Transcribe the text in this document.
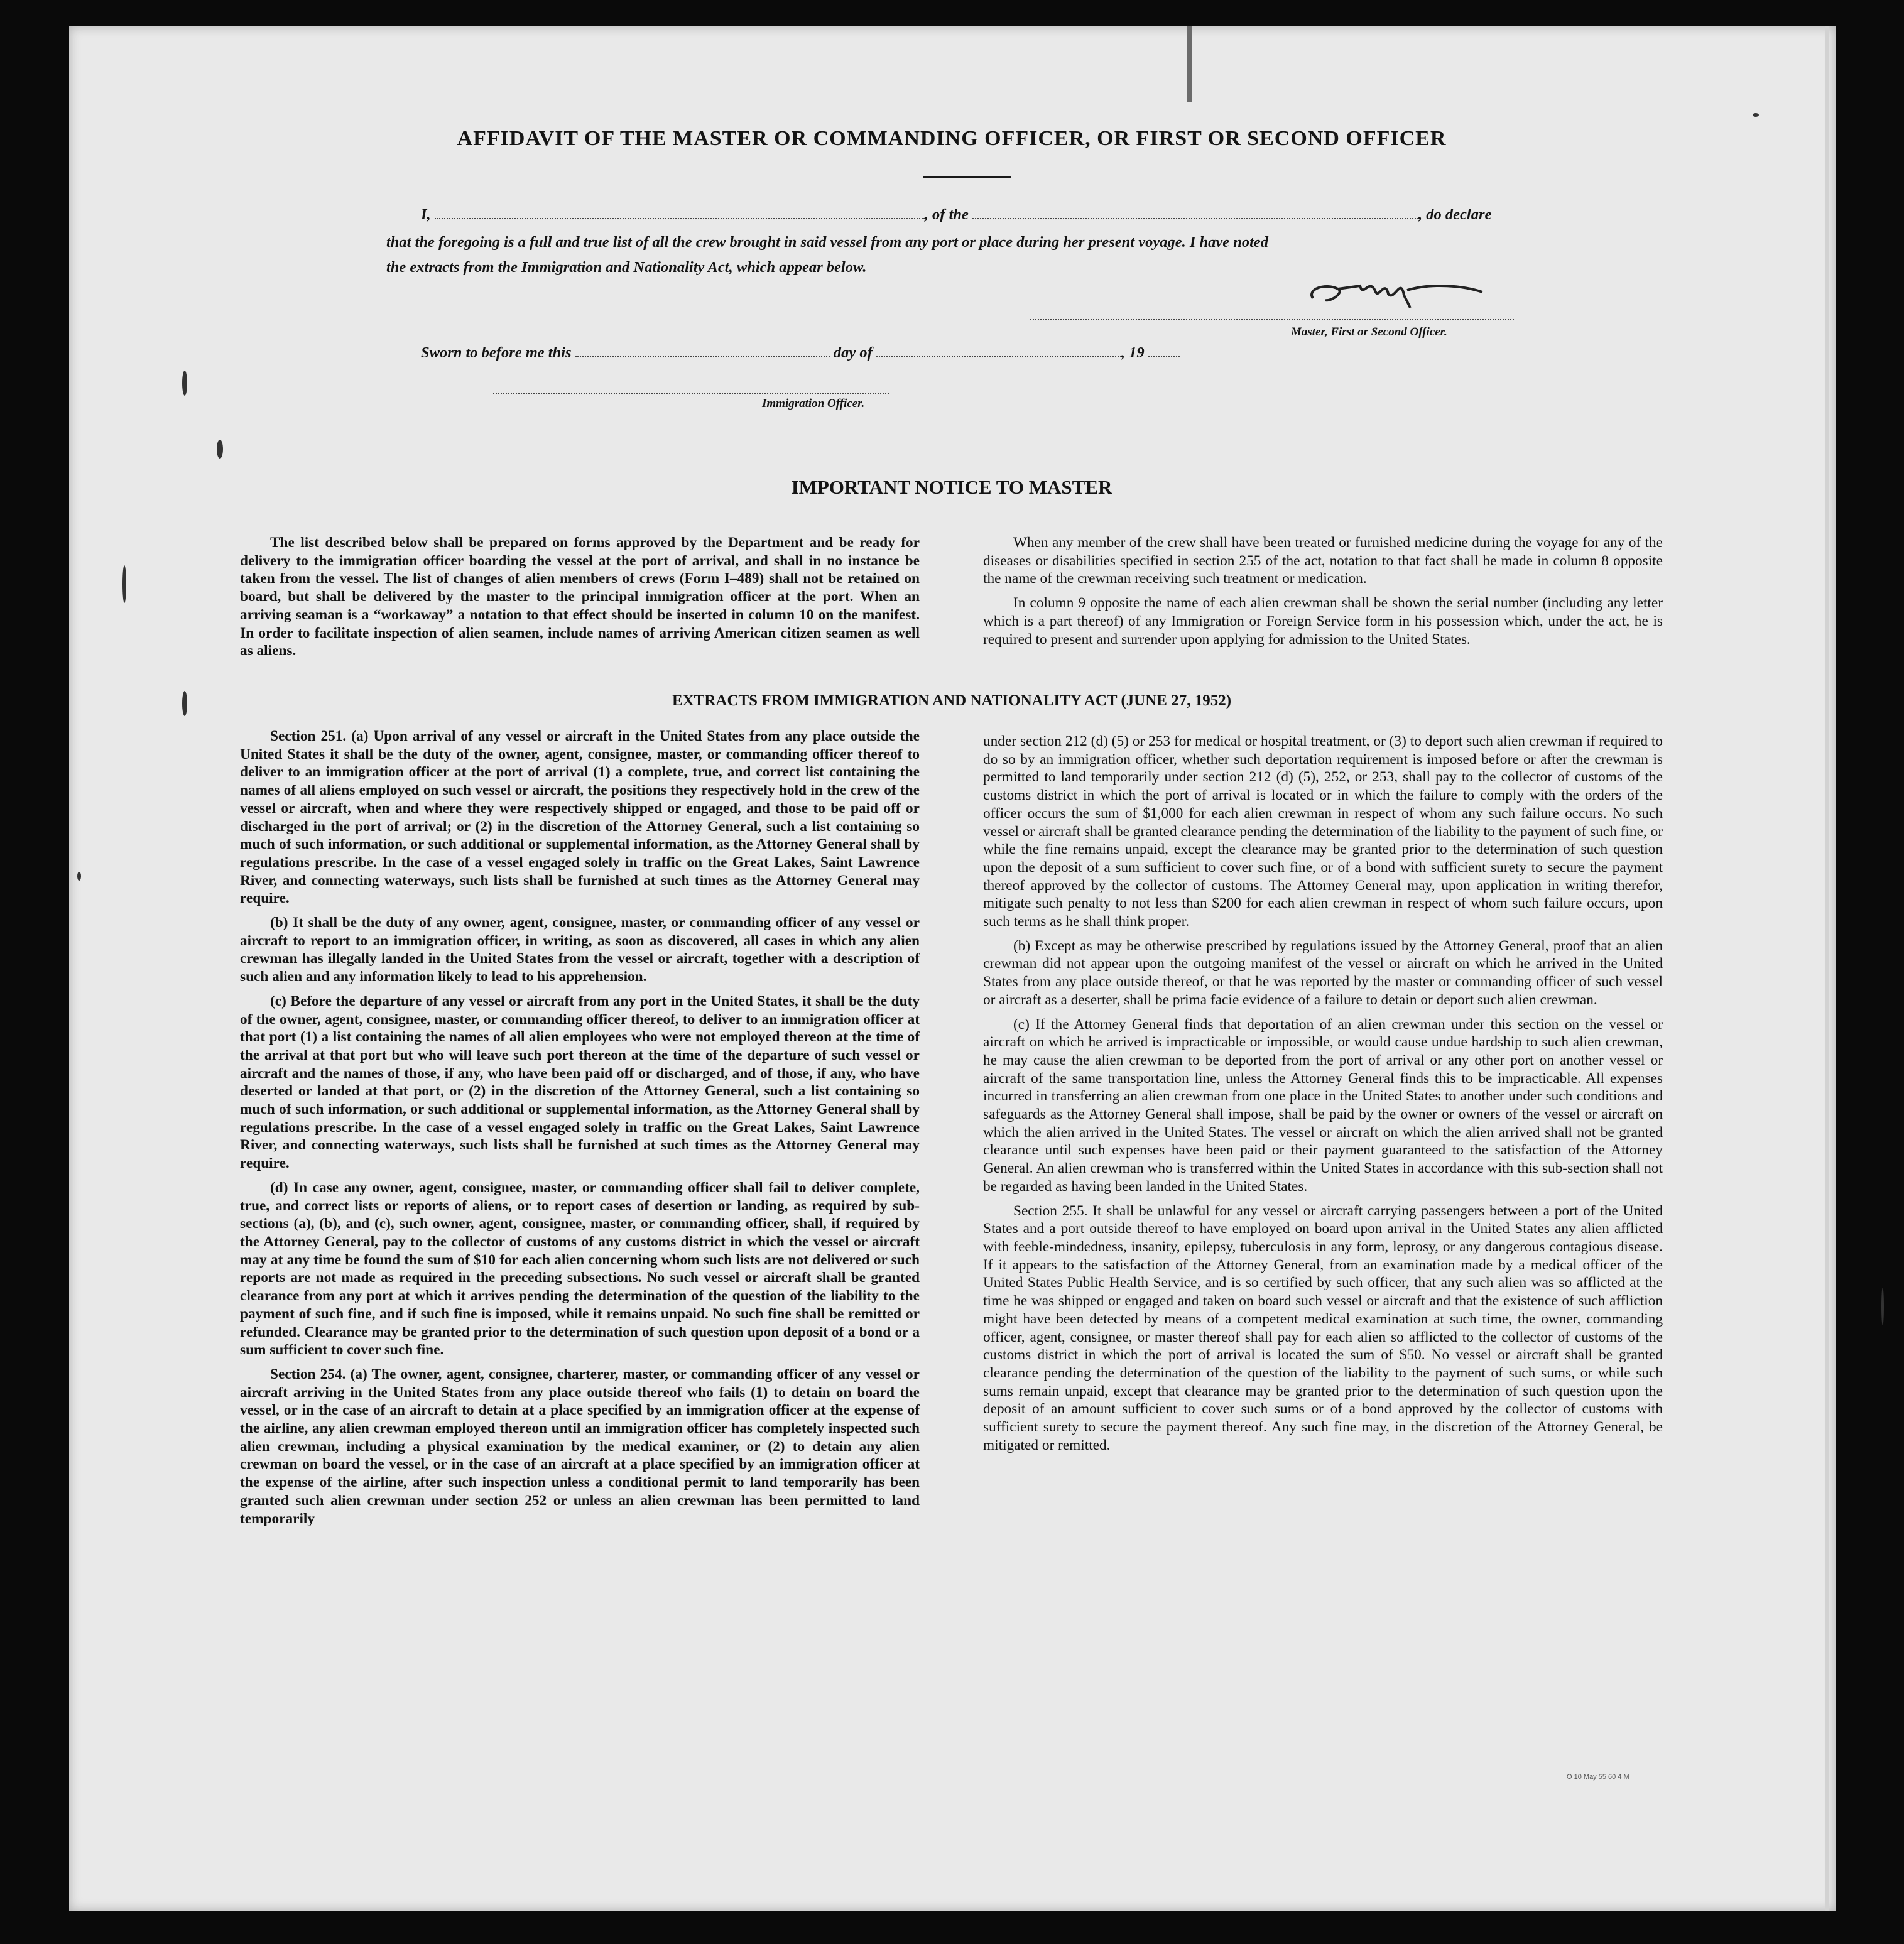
AFFIDAVIT OF THE MASTER OR COMMANDING OFFICER, OR FIRST OR SECOND OFFICER
I,	, of the	, do declare
that the foregoing is a full and true list of all the crew brought in said vessel from any port or place during her present voyage. I have noted
the extracts from the Immigration and Nationality Act, which appear below.
Master, First or Second Officer.
Sworn to before me this	day of	, 19
Immigration Officer.
IMPORTANT NOTICE TO MASTER

The list described below shall be prepared on forms approved by the Department and be ready for delivery to the immigration officer boarding the vessel at the port of arrival, and shall in no instance be taken from the vessel. The list of changes of alien members of crews (Form I–489) shall not be retained on board, but shall be delivered by the master to the principal immigration officer at the port. When an arriving seaman is a “workaway” a notation to that effect should be inserted in column 10 on the manifest. In order to facilitate inspection of alien seamen, include names of arriving American citizen seamen as well as aliens.

When any member of the crew shall have been treated or furnished medicine during the voyage for any of the diseases or disabilities specified in section 255 of the act, notation to that fact shall be made in column 8 opposite the name of the crewman receiving such treatment or medication.

In column 9 opposite the name of each alien crewman shall be shown the serial number (including any letter which is a part thereof) of any Immigration or Foreign Service form in his possession which, under the act, he is required to present and surrender upon applying for admission to the United States.

EXTRACTS FROM IMMIGRATION AND NATIONALITY ACT (JUNE 27, 1952)

Section 251. (a) Upon arrival of any vessel or aircraft in the United States from any place outside the United States it shall be the duty of the owner, agent, consignee, master, or commanding officer thereof to deliver to an immigration officer at the port of arrival (1) a complete, true, and correct list containing the names of all aliens employed on such vessel or aircraft, the positions they respectively hold in the crew of the vessel or aircraft, when and where they were respectively shipped or engaged, and those to be paid off or discharged in the port of arrival; or (2) in the discretion of the Attorney General, such a list containing so much of such information, or such additional or supplemental information, as the Attorney General shall by regulations prescribe. In the case of a vessel engaged solely in traffic on the Great Lakes, Saint Lawrence River, and connecting waterways, such lists shall be furnished at such times as the Attorney General may require.

(b) It shall be the duty of any owner, agent, consignee, master, or commanding officer of any vessel or aircraft to report to an immigration officer, in writing, as soon as discovered, all cases in which any alien crewman has illegally landed in the United States from the vessel or aircraft, together with a description of such alien and any information likely to lead to his apprehension.

(c) Before the departure of any vessel or aircraft from any port in the United States, it shall be the duty of the owner, agent, consignee, master, or commanding officer thereof, to deliver to an immigration officer at that port (1) a list containing the names of all alien employees who were not employed thereon at the time of the arrival at that port but who will leave such port thereon at the time of the departure of such vessel or aircraft and the names of those, if any, who have been paid off or discharged, and of those, if any, who have deserted or landed at that port, or (2) in the discretion of the Attorney General, such a list containing so much of such information, or such additional or supplemental information, as the Attorney General shall by regulations prescribe. In the case of a vessel engaged solely in traffic on the Great Lakes, Saint Lawrence River, and connecting waterways, such lists shall be furnished at such times as the Attorney General may require.

(d) In case any owner, agent, consignee, master, or commanding officer shall fail to deliver complete, true, and correct lists or reports of aliens, or to report cases of desertion or landing, as required by sub-sections (a), (b), and (c), such owner, agent, consignee, master, or commanding officer, shall, if required by the Attorney General, pay to the collector of customs of any customs district in which the vessel or aircraft may at any time be found the sum of $10 for each alien concerning whom such lists are not delivered or such reports are not made as required in the preceding subsections. No such vessel or aircraft shall be granted clearance from any port at which it arrives pending the determination of the question of the liability to the payment of such fine, and if such fine is imposed, while it remains unpaid. No such fine shall be remitted or refunded. Clearance may be granted prior to the determination of such question upon deposit of a bond or a sum sufficient to cover such fine.

Section 254. (a) The owner, agent, consignee, charterer, master, or commanding officer of any vessel or aircraft arriving in the United States from any place outside thereof who fails (1) to detain on board the vessel, or in the case of an aircraft to detain at a place specified by an immigration officer at the expense of the airline, any alien crewman employed thereon until an immigration officer has completely inspected such alien crewman, including a physical examination by the medical examiner, or (2) to detain any alien crewman on board the vessel, or in the case of an aircraft at a place specified by an immigration officer at the expense of the airline, after such inspection unless a conditional permit to land temporarily has been granted such alien crewman under section 252 or unless an alien crewman has been permitted to land temporarily

under section 212 (d) (5) or 253 for medical or hospital treatment, or (3) to deport such alien crewman if required to do so by an immigration officer, whether such deportation requirement is imposed before or after the crewman is permitted to land temporarily under section 212 (d) (5), 252, or 253, shall pay to the collector of customs of the customs district in which the port of arrival is located or in which the failure to comply with the orders of the officer occurs the sum of $1,000 for each alien crewman in respect of whom any such failure occurs. No such vessel or aircraft shall be granted clearance pending the determination of the liability to the payment of such fine, or while the fine remains unpaid, except the clearance may be granted prior to the determination of such question upon the deposit of a sum sufficient to cover such fine, or of a bond with sufficient surety to secure the payment thereof approved by the collector of customs. The Attorney General may, upon application in writing therefor, mitigate such penalty to not less than $200 for each alien crewman in respect of whom such failure occurs, upon such terms as he shall think proper.

(b) Except as may be otherwise prescribed by regulations issued by the Attorney General, proof that an alien crewman did not appear upon the outgoing manifest of the vessel or aircraft on which he arrived in the United States from any place outside thereof, or that he was reported by the master or commanding officer of such vessel or aircraft as a deserter, shall be prima facie evidence of a failure to detain or deport such alien crewman.

(c) If the Attorney General finds that deportation of an alien crewman under this section on the vessel or aircraft on which he arrived is impracticable or impossible, or would cause undue hardship to such alien crewman, he may cause the alien crewman to be deported from the port of arrival or any other port on another vessel or aircraft of the same transportation line, unless the Attorney General finds this to be impracticable. All expenses incurred in transferring an alien crewman from one place in the United States to another under such conditions and safeguards as the Attorney General shall impose, shall be paid by the owner or owners of the vessel or aircraft on which the alien arrived in the United States. The vessel or aircraft on which the alien arrived shall not be granted clearance until such expenses have been paid or their payment guaranteed to the satisfaction of the Attorney General. An alien crewman who is transferred within the United States in accordance with this sub-section shall not be regarded as having been landed in the United States.

Section 255. It shall be unlawful for any vessel or aircraft carrying passengers between a port of the United States and a port outside thereof to have employed on board upon arrival in the United States any alien afflicted with feeble-mindedness, insanity, epilepsy, tuberculosis in any form, leprosy, or any dangerous contagious disease. If it appears to the satisfaction of the Attorney General, from an examination made by a medical officer of the United States Public Health Service, and is so certified by such officer, that any such alien was so afflicted at the time he was shipped or engaged and taken on board such vessel or aircraft and that the existence of such affliction might have been detected by means of a competent medical examination at such time, the owner, commanding officer, agent, consignee, or master thereof shall pay for each alien so afflicted to the collector of customs of the customs district in which the port of arrival is located the sum of $50. No vessel or aircraft shall be granted clearance pending the determination of the question of the liability to the payment of such sums, or while such sums remain unpaid, except that clearance may be granted prior to the determination of such question upon the deposit of an amount sufficient to cover such sums or of a bond approved by the collector of customs with sufficient surety to secure the payment thereof. Any such fine may, in the discretion of the Attorney General, be mitigated or remitted.

O 10 May 55 60 4 M
